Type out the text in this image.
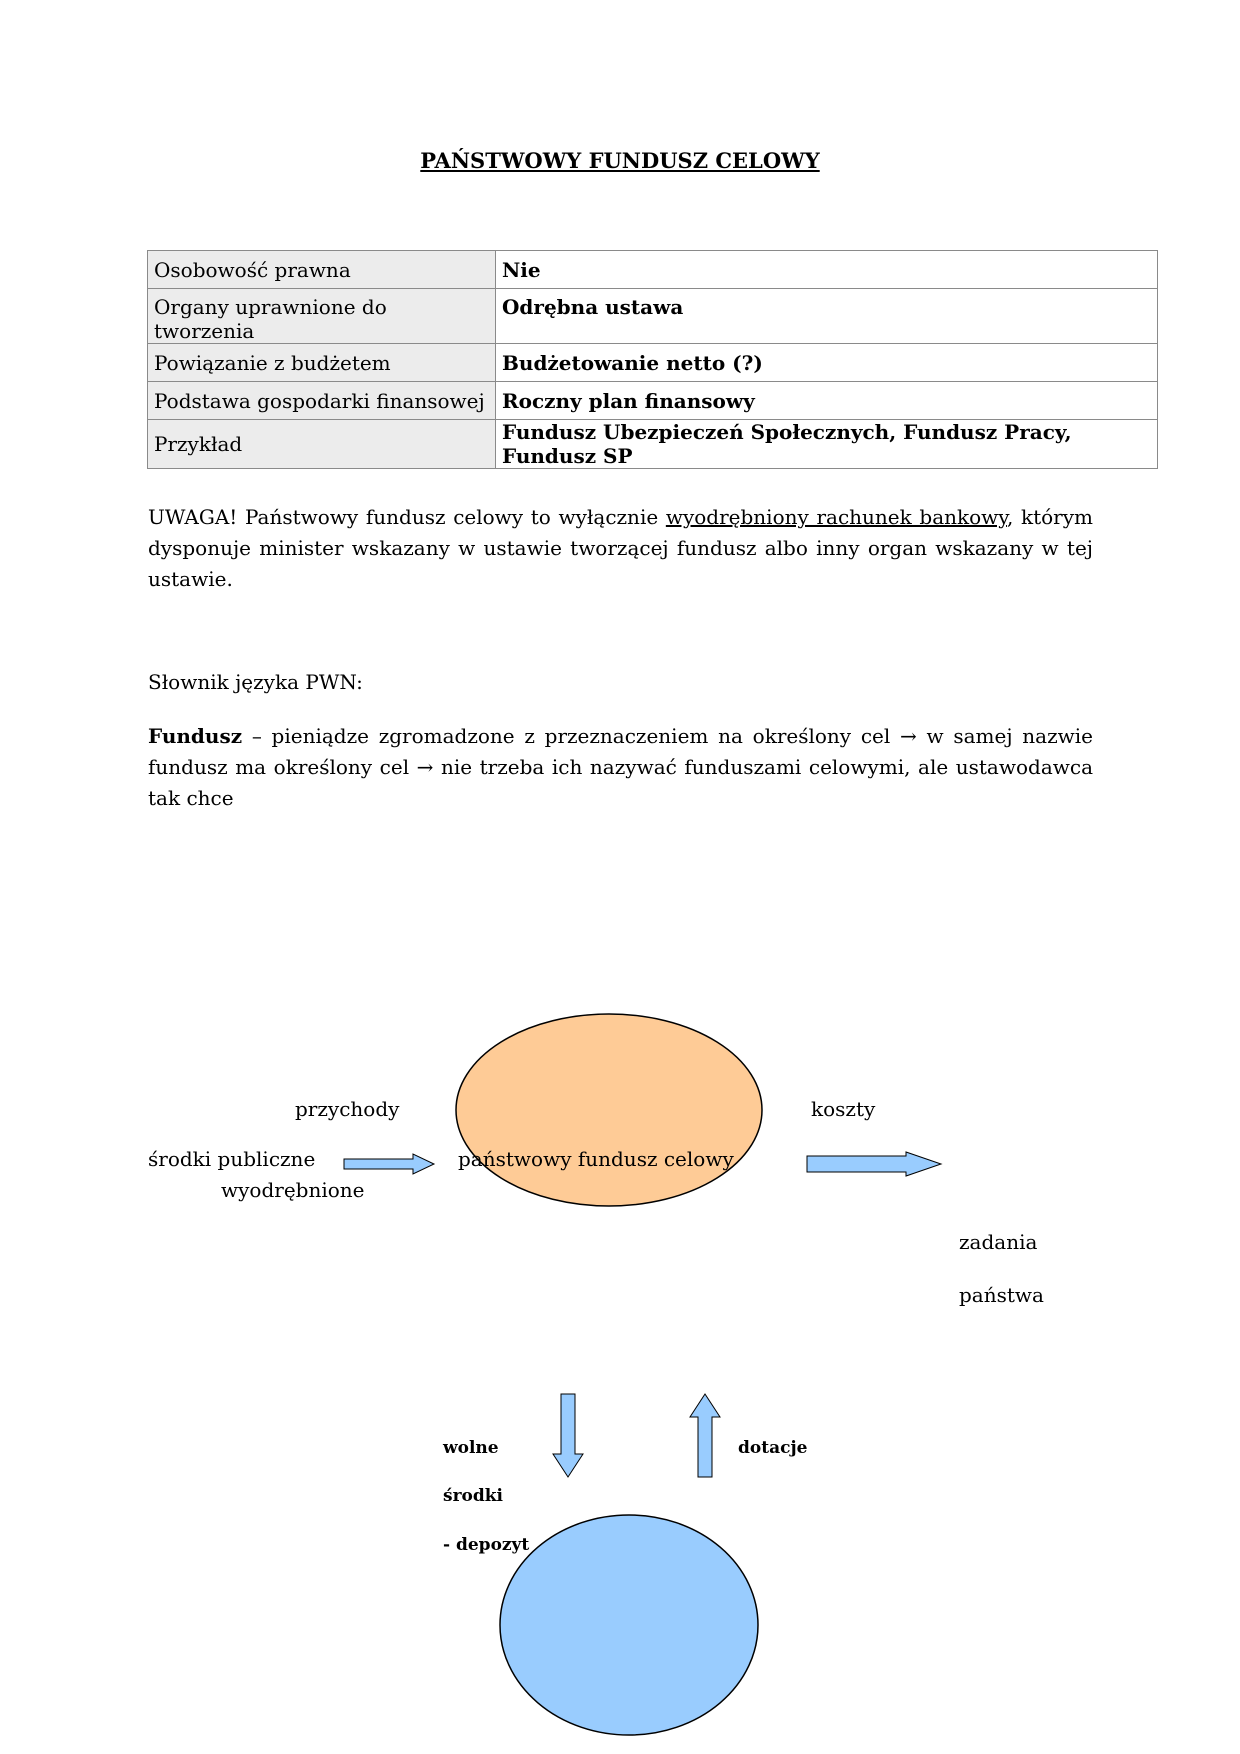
PAŃSTWOWY FUNDUSZ CELOWY
Osobowość prawna	Nie
Organy uprawnione do tworzenia	Odrębna ustawa
Powiązanie z budżetem	Budżetowanie netto (?)
Podstawa gospodarki finansowej	Roczny plan finansowy
Przykład	Fundusz Ubezpieczeń Społecznych, Fundusz Pracy, Fundusz SP

UWAGA! Państwowy fundusz celowy to wyłącznie wyodrębniony rachunek bankowy, którym dysponuje minister wskazany w ustawie tworzącej fundusz albo inny organ wskazany w tej ustawie.

Słownik języka PWN:

Fundusz – pieniądze zgromadzone z przeznaczeniem na określony cel → w samej nazwie fundusz ma określony cel → nie trzeba ich nazywać funduszami celowymi, ale ustawodawca tak chce

przychody
środki publiczne
wyodrębnione
państwowy fundusz celowy
koszty
zadania
państwa
wolne
środki
- depozyt
dotacje
